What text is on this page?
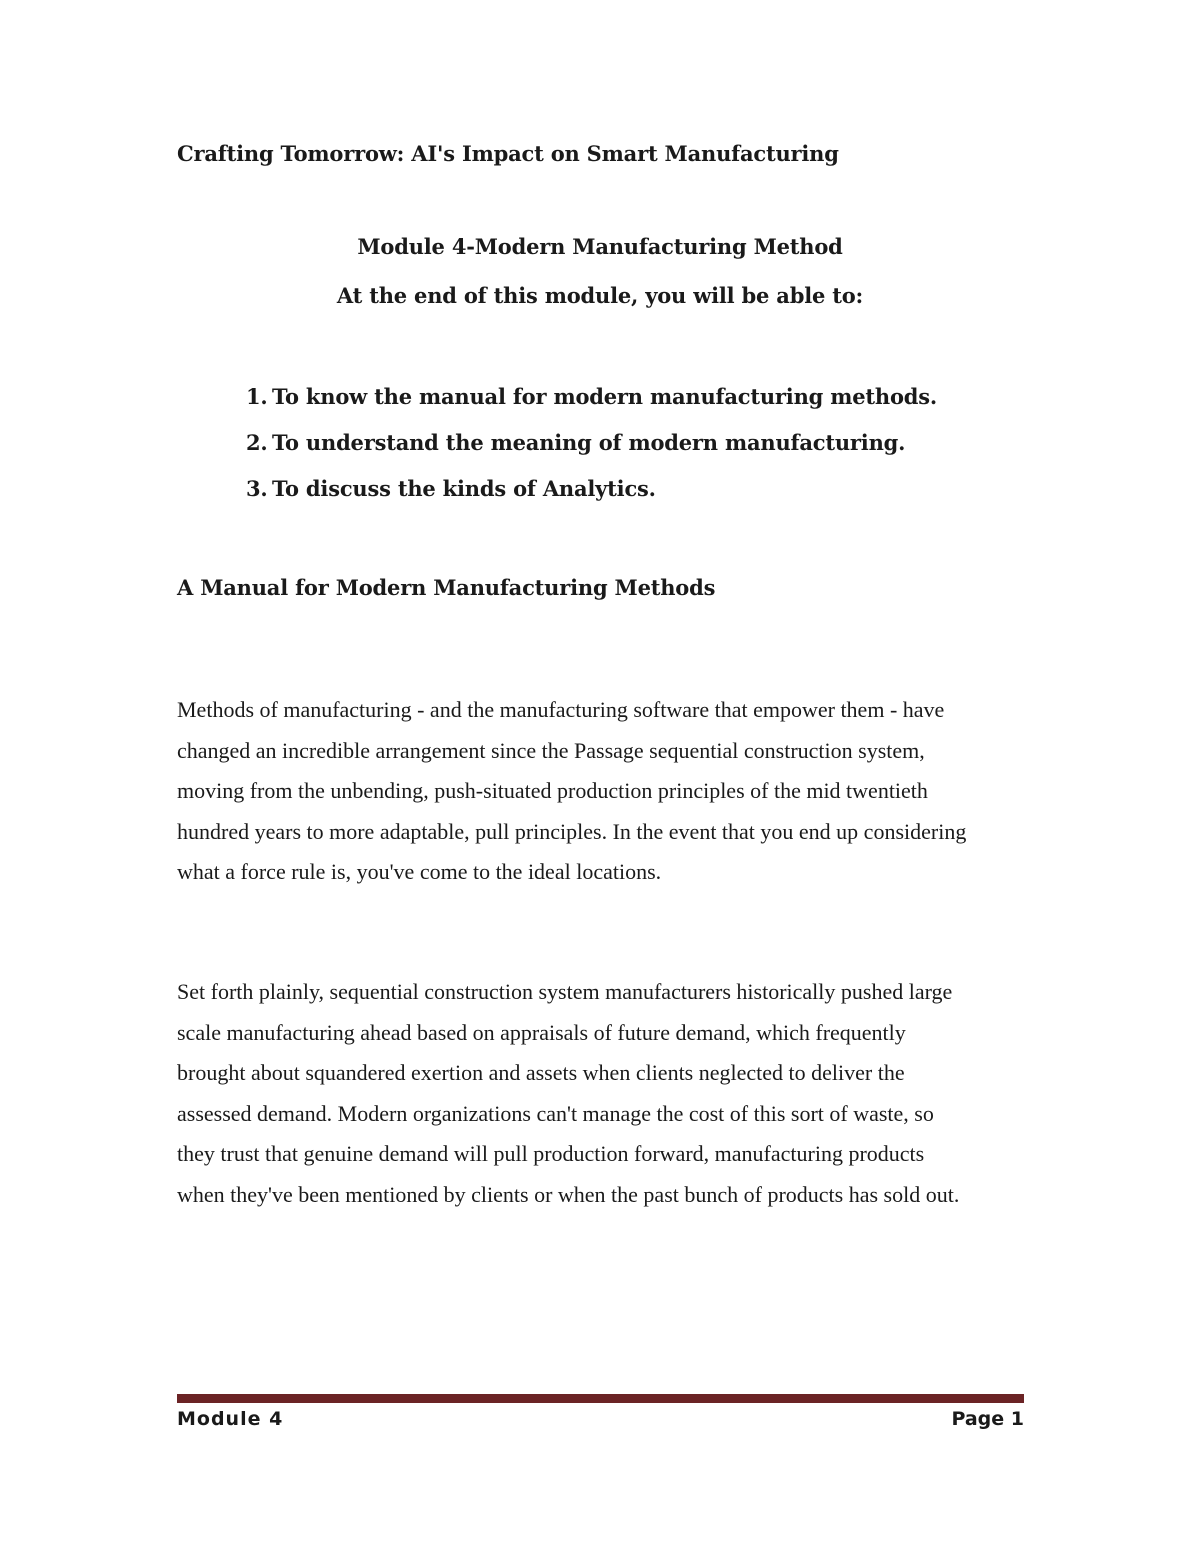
Crafting Tomorrow: AI's Impact on Smart Manufacturing
Module 4-Modern Manufacturing Method
At the end of this module, you will be able to:
1. To know the manual for modern manufacturing methods.
2. To understand the meaning of modern manufacturing.
3. To discuss the kinds of Analytics.
A Manual for Modern Manufacturing Methods

Methods of manufacturing - and the manufacturing software that empower them - have
changed an incredible arrangement since the Passage sequential construction system,
moving from the unbending, push-situated production principles of the mid twentieth
hundred years to more adaptable, pull principles. In the event that you end up considering
what a force rule is, you've come to the ideal locations.

Set forth plainly, sequential construction system manufacturers historically pushed large
scale manufacturing ahead based on appraisals of future demand, which frequently
brought about squandered exertion and assets when clients neglected to deliver the
assessed demand. Modern organizations can't manage the cost of this sort of waste, so
they trust that genuine demand will pull production forward, manufacturing products
when they've been mentioned by clients or when the past bunch of products has sold out.

Module 4	Page 1
